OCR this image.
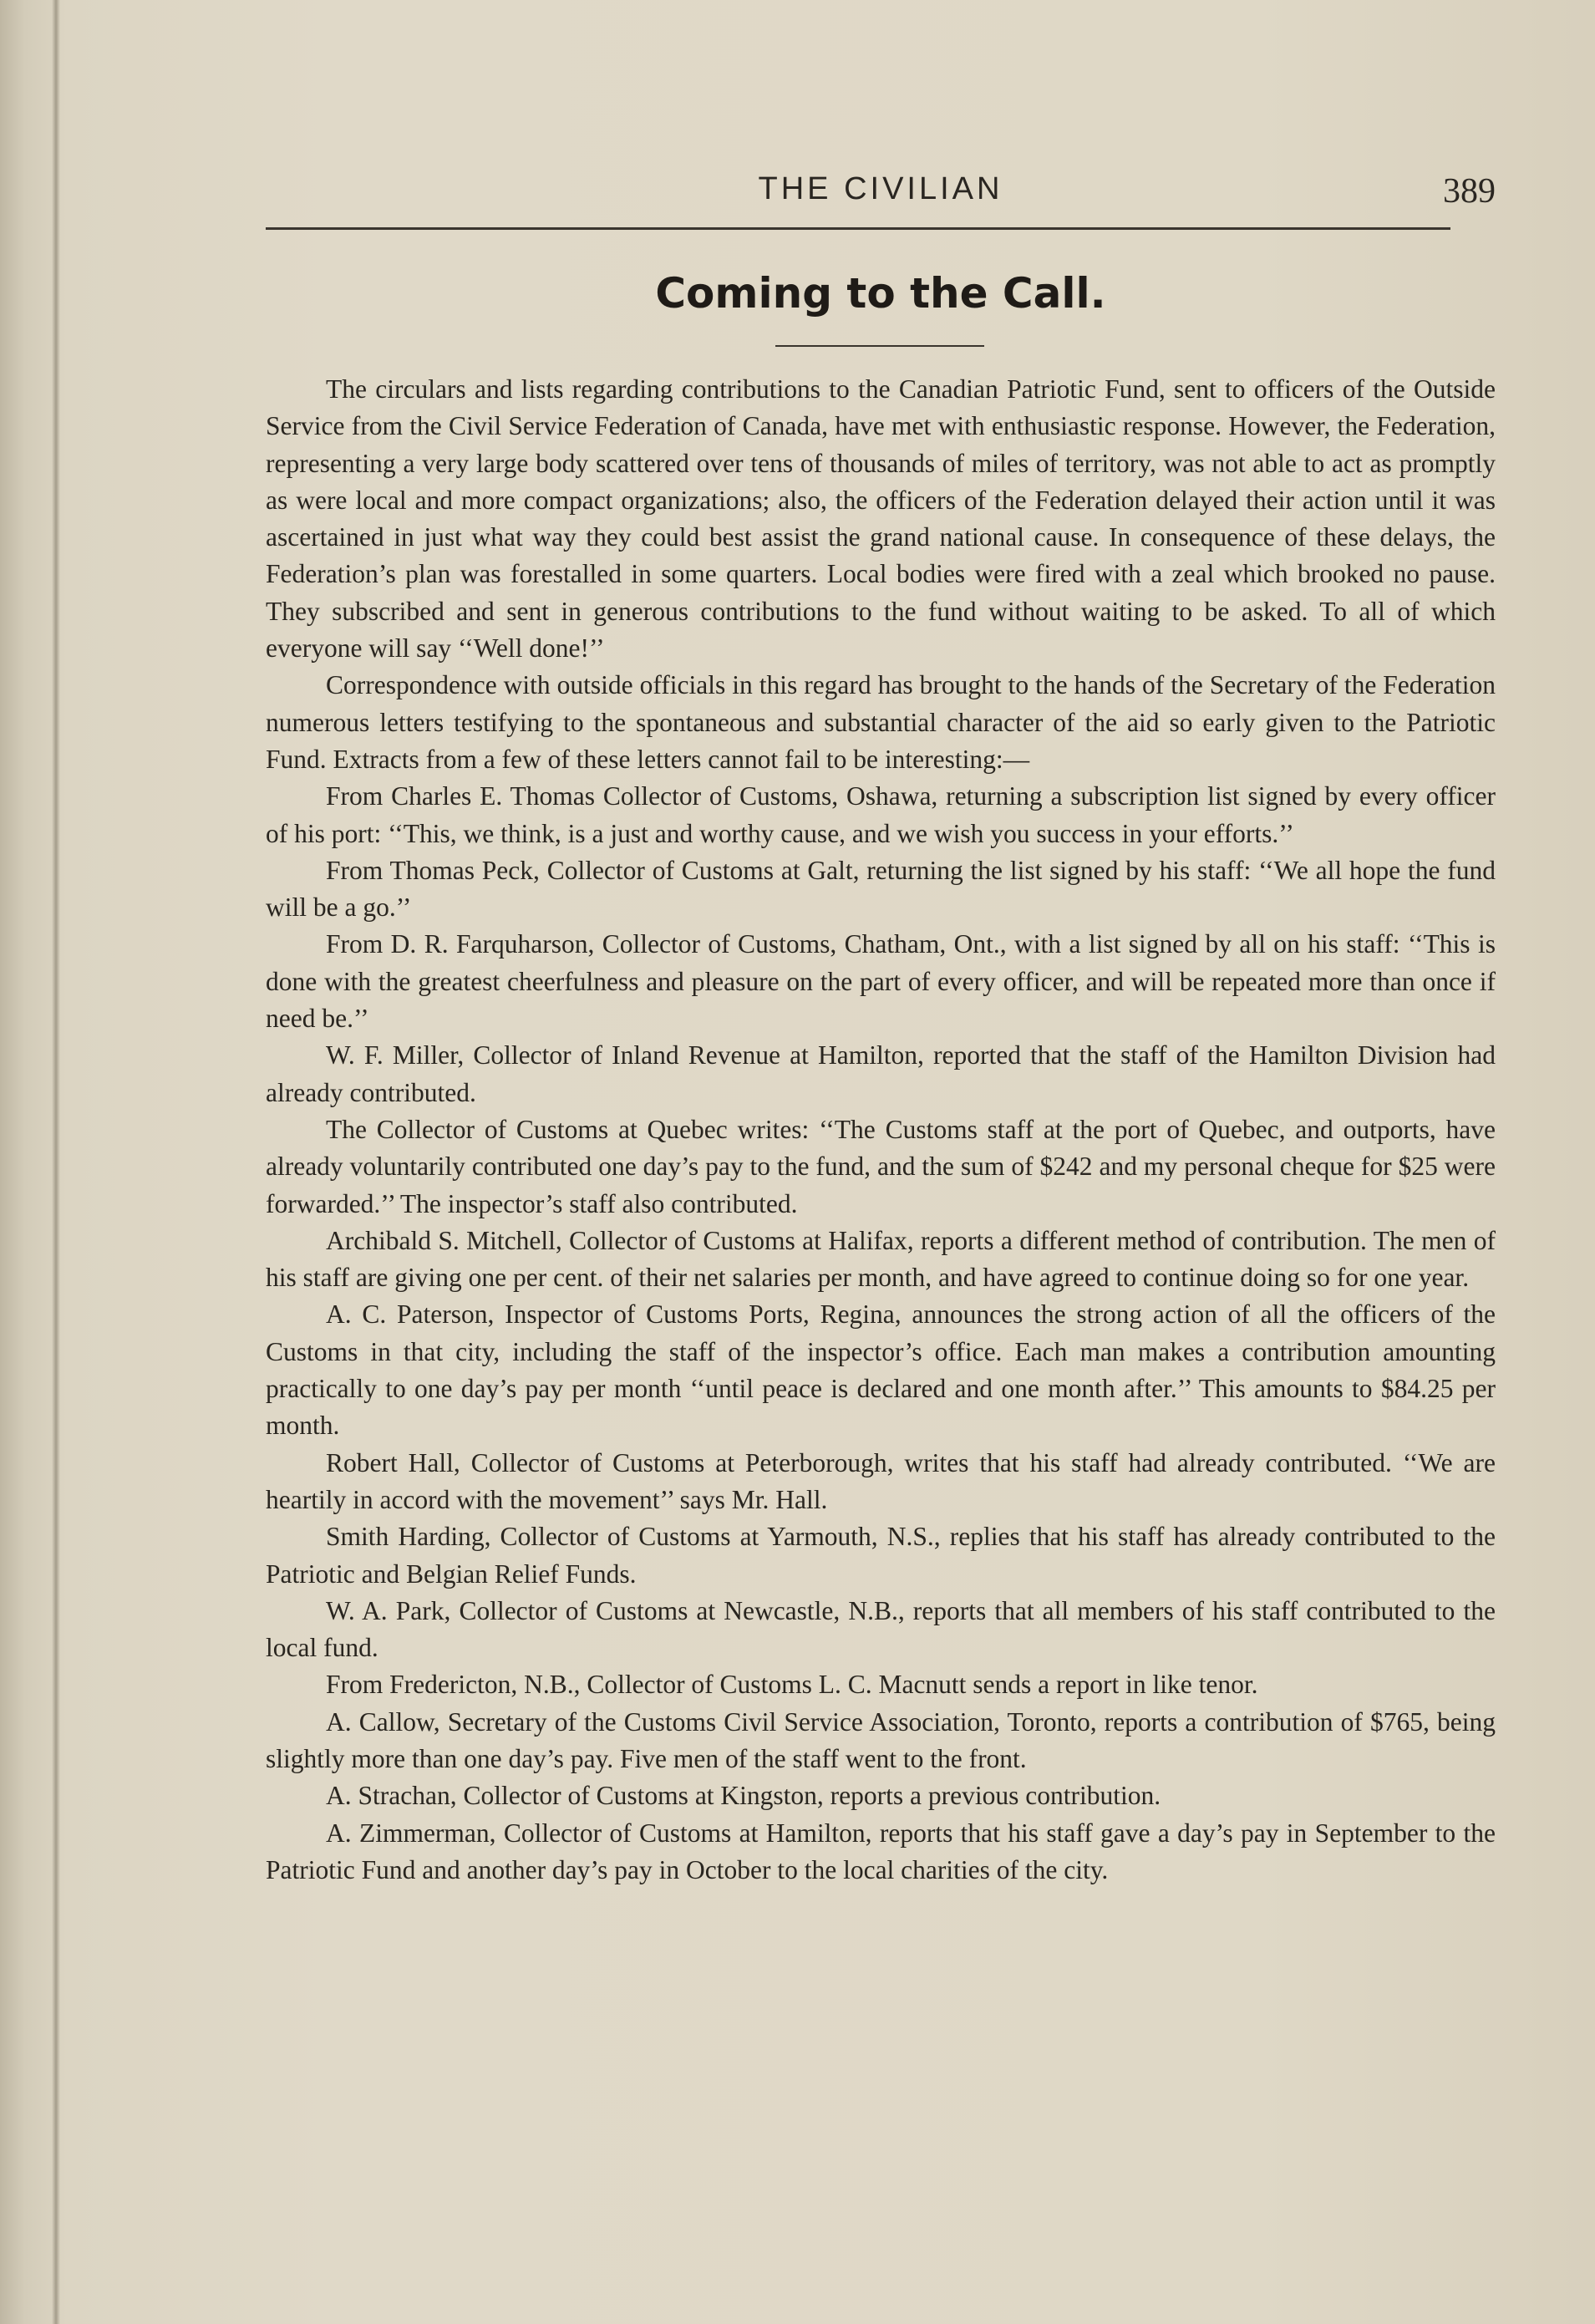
THE CIVILIAN	389
Coming to the Call.

The circulars and lists regarding contributions to the Canadian Patriotic Fund, sent to officers of the Outside Service from the Civil Service Federation of Canada, have met with enthusiastic response. However, the Federation, representing a very large body scattered over tens of thousands of miles of territory, was not able to act as promptly as were local and more compact organizations; also, the officers of the Federation delayed their action until it was ascertained in just what way they could best assist the grand national cause. In consequence of these delays, the Federation’s plan was forestalled in some quarters. Local bodies were fired with a zeal which brooked no pause. They subscribed and sent in generous contributions to the fund without waiting to be asked. To all of which everyone will say ‘‘Well done!’’

Correspondence with outside officials in this regard has brought to the hands of the Secretary of the Federation numerous letters testifying to the spontaneous and substantial character of the aid so early given to the Patriotic Fund. Extracts from a few of these letters cannot fail to be interesting:—

From Charles E. Thomas Collector of Customs, Oshawa, returning a subscription list signed by every officer of his port: ‘‘This, we think, is a just and worthy cause, and we wish you success in your efforts.’’

From Thomas Peck, Collector of Customs at Galt, returning the list signed by his staff: ‘‘We all hope the fund will be a go.’’

From D. R. Farquharson, Collector of Customs, Chatham, Ont., with a list signed by all on his staff: ‘‘This is done with the greatest cheerfulness and pleasure on the part of every officer, and will be repeated more than once if need be.’’

W. F. Miller, Collector of Inland Revenue at Hamilton, reported that the staff of the Hamilton Division had already contributed.

The Collector of Customs at Quebec writes: ‘‘The Customs staff at the port of Quebec, and outports, have already voluntarily contributed one day’s pay to the fund, and the sum of $242 and my personal cheque for $25 were forwarded.’’ The inspector’s staff also contributed.

Archibald S. Mitchell, Collector of Customs at Halifax, reports a different method of contribution. The men of his staff are giving one per cent. of their net salaries per month, and have agreed to continue doing so for one year.

A. C. Paterson, Inspector of Customs Ports, Regina, announces the strong action of all the officers of the Customs in that city, including the staff of the inspector’s office. Each man makes a contribution amounting practically to one day’s pay per month ‘‘until peace is declared and one month after.’’ This amounts to $84.25 per month.

Robert Hall, Collector of Customs at Peterborough, writes that his staff had already contributed. ‘‘We are heartily in accord with the movement’’ says Mr. Hall.

Smith Harding, Collector of Customs at Yarmouth, N.S., replies that his staff has already contributed to the Patriotic and Belgian Relief Funds.

W. A. Park, Collector of Customs at Newcastle, N.B., reports that all members of his staff contributed to the local fund.

From Fredericton, N.B., Collector of Customs L. C. Macnutt sends a report in like tenor.

A. Callow, Secretary of the Customs Civil Service Association, Toronto, reports a contribution of $765, being slightly more than one day’s pay. Five men of the staff went to the front.

A. Strachan, Collector of Customs at Kingston, reports a previous contribution.

A. Zimmerman, Collector of Customs at Hamilton, reports that his staff gave a day’s pay in September to the Patriotic Fund and another day’s pay in October to the local charities of the city.
